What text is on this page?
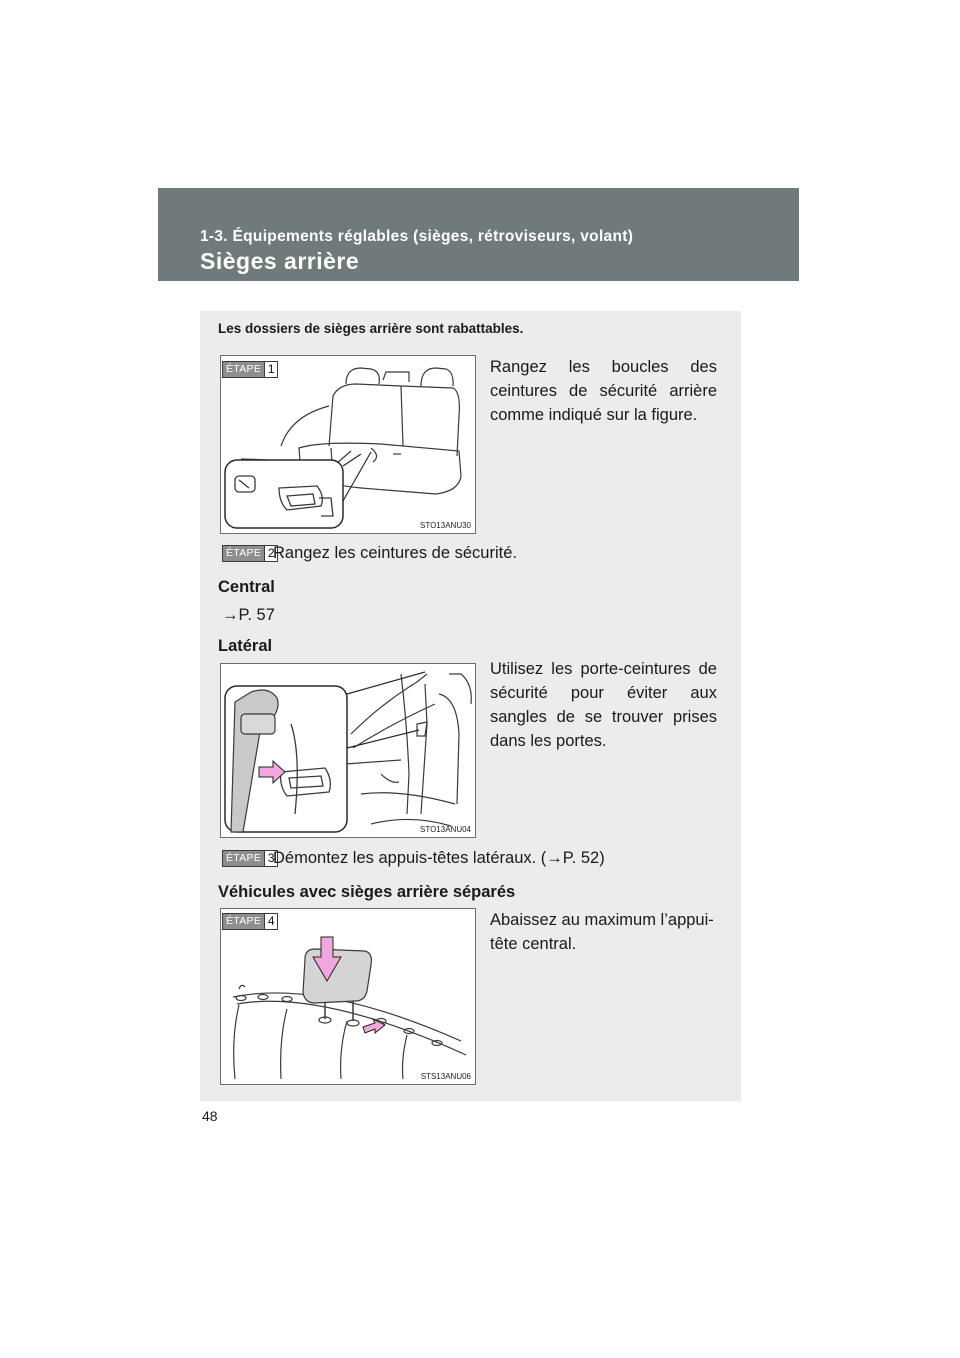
1-3. Équipements réglables (sièges, rétroviseurs, volant)
Sièges arrière
Les dossiers de sièges arrière sont rabattables.
STO13ANU30
ÉTAPE 1	Rangez les boucles des ceintures de sécurité arrière comme indiqué sur la figure.
ÉTAPE 2
Rangez les ceintures de sécurité.
Central
→P. 57
Latéral
STO13ANU04
Utilisez les porte-ceintures de sécurité pour éviter aux sangles de se trouver prises dans les portes.
ÉTAPE 3
Démontez les appuis-têtes latéraux. (→P. 52)
Véhicules avec sièges arrière séparés
STS13ANU06
ÉTAPE 4	Abaissez au maximum l’appui-tête central.
48
